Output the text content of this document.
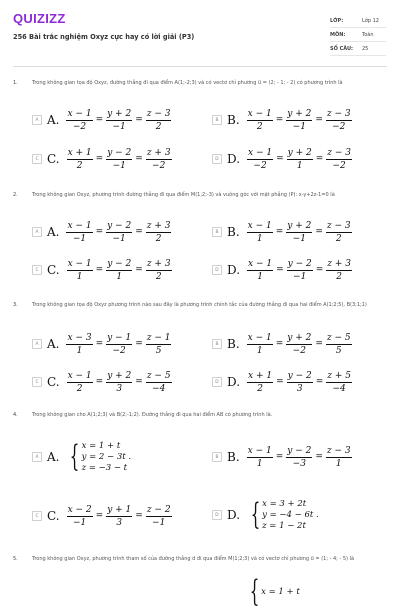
QUIZIZZ
256 Bài trắc nghiệm Oxyz cực hay có lời giải (P3)
LỚP:	Lớp 12
MÔN:	Toán
SỐ CÂU:	25
1.	Trong không gian tọa độ Oxyz, đường thẳng đi qua điểm A(1;-2;3) và có vectơ chỉ phương u⃗ = (2; - 1; - 2) có phương trình là
A A. $\frac{x - 1}{-2} = \frac{y + 2}{-1} = \frac{z - 3}{2}$	B B. $\frac{x - 1}{2} = \frac{y + 2}{-1} = \frac{z - 3}{-2}$
C C. $\frac{x + 1}{2} = \frac{y - 2}{-1} = \frac{z + 3}{-2}$	D D. $\frac{x - 1}{-2} = \frac{y + 2}{1} = \frac{z - 3}{-2}$
2.	Trong không gian Oxyz, phương trình đường thẳng đi qua điểm M(1;2;-3) và vuông góc với mặt phẳng (P): x-y+2z-1=0 là
A A. $\frac{x - 1}{-1} = \frac{y - 2}{-1} = \frac{z + 3}{2}$	B B. $\frac{x - 1}{1} = \frac{y + 2}{-1} = \frac{z - 3}{2}$
C C. $\frac{x - 1}{1} = \frac{y - 2}{1} = \frac{z + 3}{2}$	D D. $\frac{x - 1}{1} = \frac{y - 2}{-1} = \frac{z + 3}{2}$
3.	Trong không gian tọa độ Oxyz phương trình nào sau đây là phương trình chính tắc của đường thẳng đi qua hai điểm A(1;2;5), B(3;1;1)
A A. $\frac{x - 3}{1} = \frac{y - 1}{-2} = \frac{z - 1}{5}$	B B. $\frac{x - 1}{1} = \frac{y + 2}{-2} = \frac{z - 5}{5}$
C C. $\frac{x - 1}{2} = \frac{y + 2}{3} = \frac{z - 5}{-4}$	D D. $\frac{x + 1}{2} = \frac{y - 2}{3} = \frac{z + 5}{-4}$
4.	Trong không gian cho A(1;2;3) và B(2;-1;2). Đường thẳng đi qua hai điểm AB có phương trình là.
A A. { x = 1 + t
y = 2 − 3t .
z = −3 − t
B B. $\frac{x - 1}{1} = \frac{y - 2}{-3} = \frac{z - 3}{1}$
C C. $\frac{x - 2}{-1} = \frac{y + 1}{3} = \frac{z - 2}{-1}$	D D. { x = 3 + 2t
y = −4 − 6t .
z = 1 − 2t
5.	Trong không gian Oxyz, phương trình tham số của đường thẳng d đi qua điểm M(1;2;3) và có vectơ chỉ phương u⃗ = (1; - 4; - 5) là
{ x = 1 + t
